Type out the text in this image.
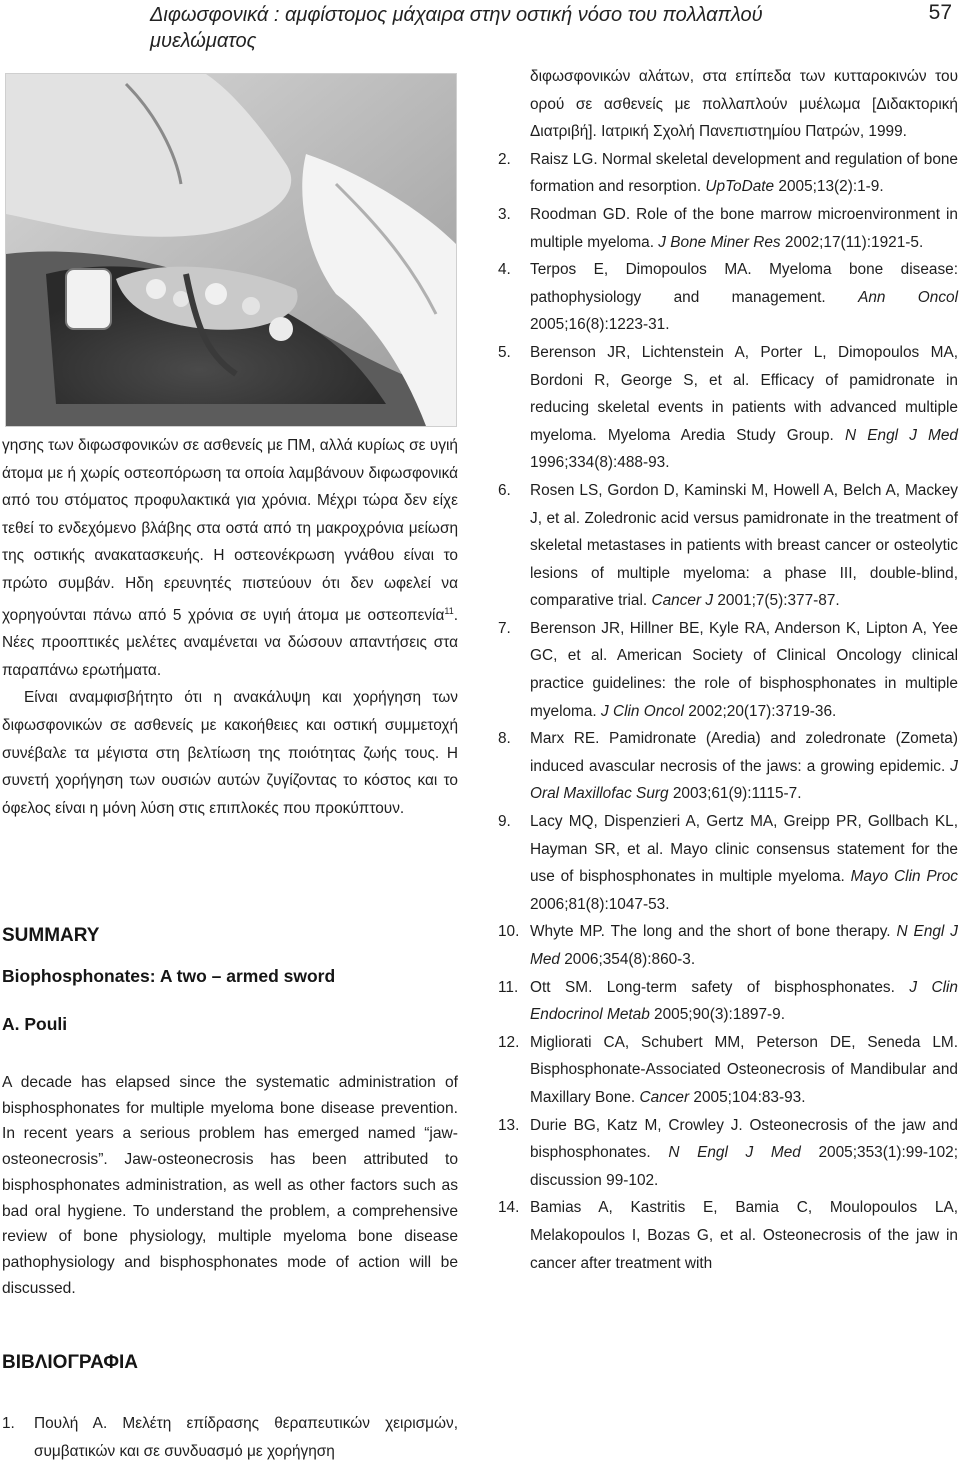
Διφωσφονικά : αμφίστομος μάχαιρα στην οστική νόσο του πολλαπλού μυελώματος
57

γησης των διφωσφονικών σε ασθενείς με ΠΜ, αλλά κυρίως σε υγιή άτομα με ή χωρίς οστεοπόρωση τα οποία λαμβάνουν διφωσφονικά από του στόματος προφυλακτικά για χρόνια. Μέχρι τώρα δεν είχε τεθεί το ενδεχόμενο βλάβης στα οστά από τη μακροχρόνια μείωση της οστικής ανακατασκευής. Η οστεονέκρωση γνάθου είναι το πρώτο συμβάν. Ηδη ερευνητές πιστεύουν ότι δεν ωφελεί να χορηγούνται πάνω από 5 χρόνια σε υγιή άτομα με οστεοπενία$^{11}$. Νέες προοπτικές μελέτες αναμένεται να δώσουν απαντήσεις στα παραπάνω ερωτήματα.

Είναι αναμφισβήτητο ότι η ανακάλυψη και χορήγηση των διφωσφονικών σε ασθενείς με κακοήθειες και οστική συμμετοχή συνέβαλε τα μέγιστα στη βελτίωση της ποιότητας ζωής τους. Η συνετή χορήγηση των ουσιών αυτών ζυγίζοντας το κόστος και το όφελος είναι η μόνη λύση στις επιπλοκές που προκύπτουν.

SUMMARY
Biophosphonates: A two – armed sword
A. Pouli

A decade has elapsed since the systematic administration of bisphosphonates for multiple myeloma bone disease prevention. In recent years a serious problem has emerged named “jaw-osteonecrosis”. Jaw-osteonecrosis has been attributed to bisphosphonates administration, as well as other factors such as bad oral hygiene. To understand the problem, a comprehensive review of bone physiology, multiple myeloma bone disease pathophysiology and bisphosphonates mode of action will be discussed.

ΒΙΒΛΙΟΓΡΑΦΙΑ

1.	Πουλή Α. Μελέτη επίδρασης θεραπευτικών χειρισμών, συμβατικών και σε συνδυασμό με χορήγηση

διφωσφονικών αλάτων, στα επίπεδα των κυτταροκινών του ορού σε ασθενείς με πολλαπλούν μυέλωμα [Διδακτορική Διατριβή]. Ιατρική Σχολή Πανεπιστημίου Πατρών, 1999.

2.	Raisz LG. Normal skeletal development and regulation of bone formation and resorption. UpToDate 2005;13(2):1-9.

3.	Roodman GD. Role of the bone marrow microenvironment in multiple myeloma. J Bone Miner Res 2002;17(11):1921-5.

4.	Terpos E, Dimopoulos MA. Myeloma bone disease: pathophysiology and management. Ann Oncol 2005;16(8):1223-31.

5.	Berenson JR, Lichtenstein A, Porter L, Dimopoulos MA, Bordoni R, George S, et al. Efficacy of pamidronate in reducing skeletal events in patients with advanced multiple myeloma. Myeloma Aredia Study Group. N Engl J Med 1996;334(8):488-93.

6.	Rosen LS, Gordon D, Kaminski M, Howell A, Belch A, Mackey J, et al. Zoledronic acid versus pamidronate in the treatment of skeletal metastases in patients with breast cancer or osteolytic lesions of multiple myeloma: a phase III, double-blind, comparative trial. Cancer J 2001;7(5):377-87.

7.	Berenson JR, Hillner BE, Kyle RA, Anderson K, Lipton A, Yee GC, et al. American Society of Clinical Oncology clinical practice guidelines: the role of bisphosphonates in multiple myeloma. J Clin Oncol 2002;20(17):3719-36.

8.	Marx RE. Pamidronate (Aredia) and zoledronate (Zometa) induced avascular necrosis of the jaws: a growing epidemic. J Oral Maxillofac Surg 2003;61(9):1115-7.

9.	Lacy MQ, Dispenzieri A, Gertz MA, Greipp PR, Gollbach KL, Hayman SR, et al. Mayo clinic consensus statement for the use of bisphosphonates in multiple myeloma. Mayo Clin Proc 2006;81(8):1047-53.

10. Whyte MP. The long and the short of bone therapy. N Engl J Med 2006;354(8):860-3.

11. Ott SM. Long-term safety of bisphosphonates. J Clin Endocrinol Metab 2005;90(3):1897-9.

12. Migliorati CA, Schubert MM, Peterson DE, Seneda LM. Bisphosphonate-Associated Osteonecrosis of Mandibular and Maxillary Bone. Cancer 2005;104:83-93.

13. Durie BG, Katz M, Crowley J. Osteonecrosis of the jaw and bisphosphonates. N Engl J Med 2005;353(1):99-102; discussion 99-102.

14. Bamias A, Kastritis E, Bamia C, Moulopoulos LA, Melakopoulos I, Bozas G, et al. Osteonecrosis of the jaw in cancer after treatment with
